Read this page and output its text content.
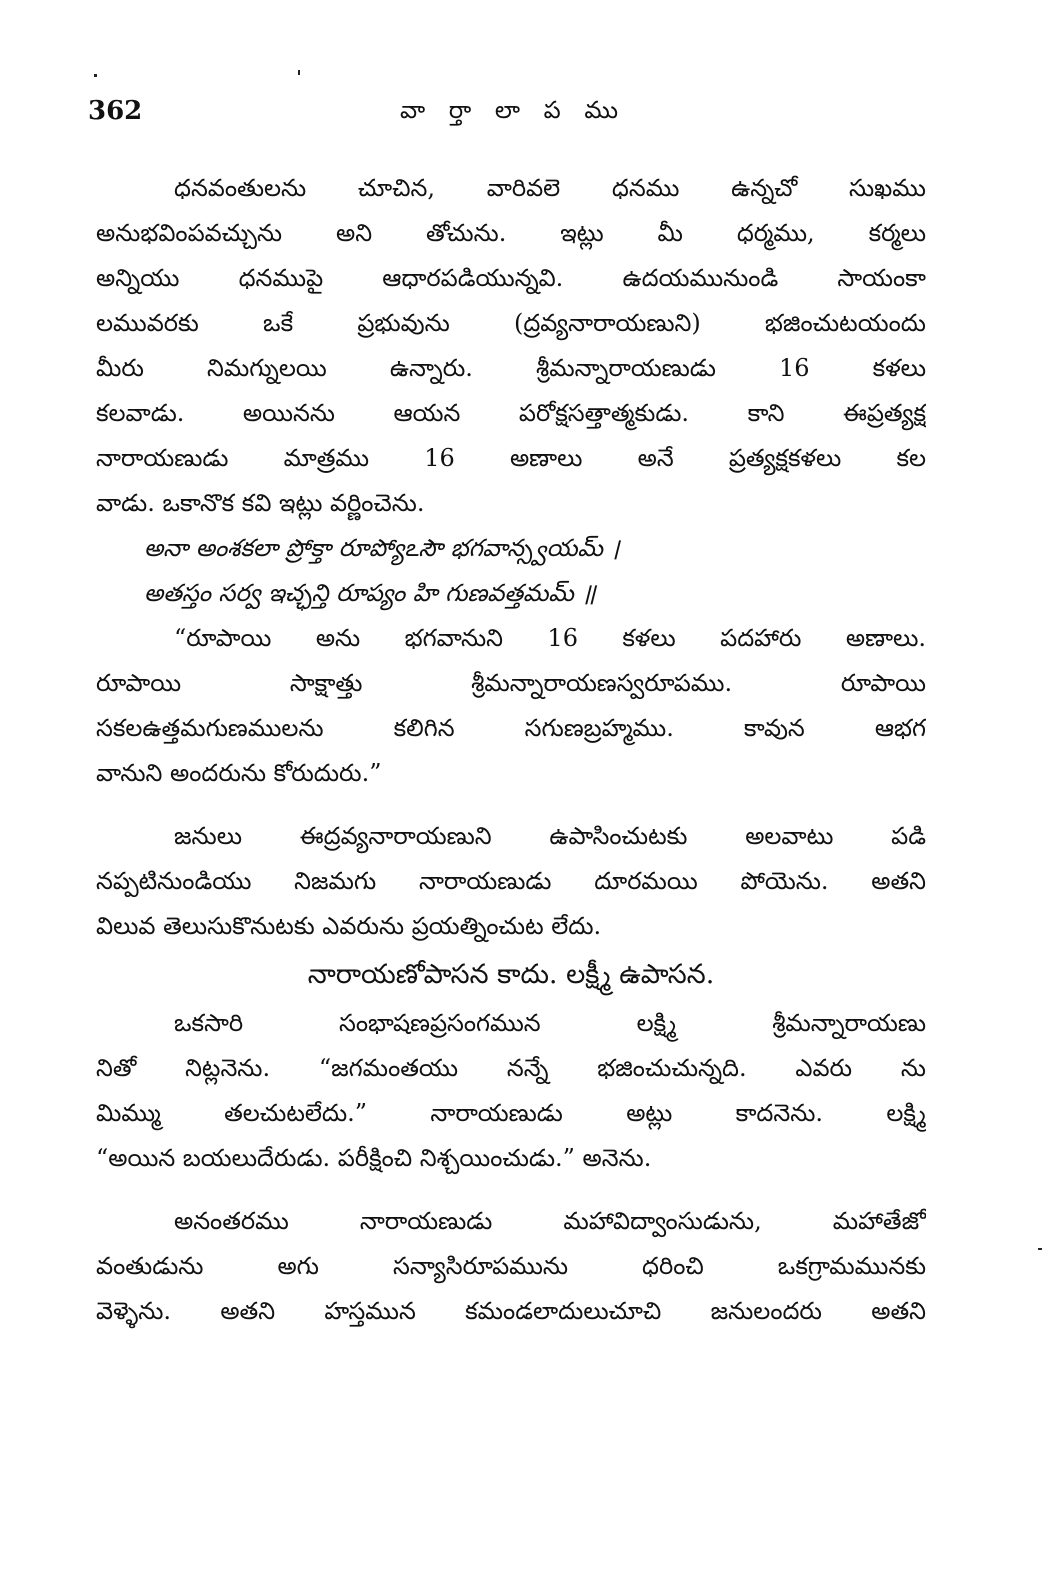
362	వా ర్తా లా ప ము
ధనవంతులను చూచిన, వారివలె ధనము ఉన్నచో సుఖము
అనుభవింపవచ్చును అని తోచును. ఇట్లు మీ ధర్మము, కర్మలు
అన్నియు ధనముపై ఆధారపడియున్నవి. ఉదయమునుండి సాయంకా
లమువరకు ఒకే ప్రభువును (ద్రవ్యనారాయణుని) భజించుటయందు
మీరు నిమగ్నులయి ఉన్నారు. శ్రీమన్నారాయణుడు 16 కళలు
కలవాడు. అయినను ఆయన పరోక్షసత్తాత్మకుడు. కాని ఈప్రత్యక్ష
నారాయణుడు మాత్రము 16 అణాలు అనే ప్రత్యక్షకళలు కల
వాడు. ఒకానొక కవి ఇట్లు వర్ణించెను.
అనా అంశకలా ప్రోక్తా రూప్యోఽసౌ భగవాన్స్వయమ్ ।
అతస్తం సర్వ ఇచ్ఛన్తి రూప్యం హి గుణవత్తమమ్ ॥
“రూపాయి అను భగవానుని 16 కళలు పదహారు అణాలు.
రూపాయి సాక్షాత్తు శ్రీమన్నారాయణస్వరూపము. రూపాయి
సకలఉత్తమగుణములను కలిగిన సగుణబ్రహ్మము. కావున ఆభగ
వానుని అందరును కోరుదురు.”
జనులు ఈద్రవ్యనారాయణుని ఉపాసించుటకు అలవాటు పడి
నప్పటినుండియు నిజమగు నారాయణుడు దూరమయి పోయెను. అతని
విలువ తెలుసుకొనుటకు ఎవరును ప్రయత్నించుట లేదు.
నారాయణోపాసన కాదు. లక్ష్మీ ఉపాసన.
ఒకసారి సంభాషణప్రసంగమున లక్ష్మి శ్రీమన్నారాయణు
నితో నిట్లనెను. “జగమంతయు నన్నే భజించుచున్నది. ఎవరు ను
మిమ్ము తలచుటలేదు.” నారాయణుడు అట్లు కాదనెను. లక్ష్మి
“అయిన బయలుదేరుడు. పరీక్షించి నిశ్చయించుడు.” అనెను.
అనంతరము నారాయణుడు మహావిద్వాంసుడును, మహాతేజో
వంతుడును అగు సన్యాసిరూపమును ధరించి ఒకగ్రామమునకు
వెళ్ళెను. అతని హస్తమున కమండలాదులుచూచి జనులందరు అతని
